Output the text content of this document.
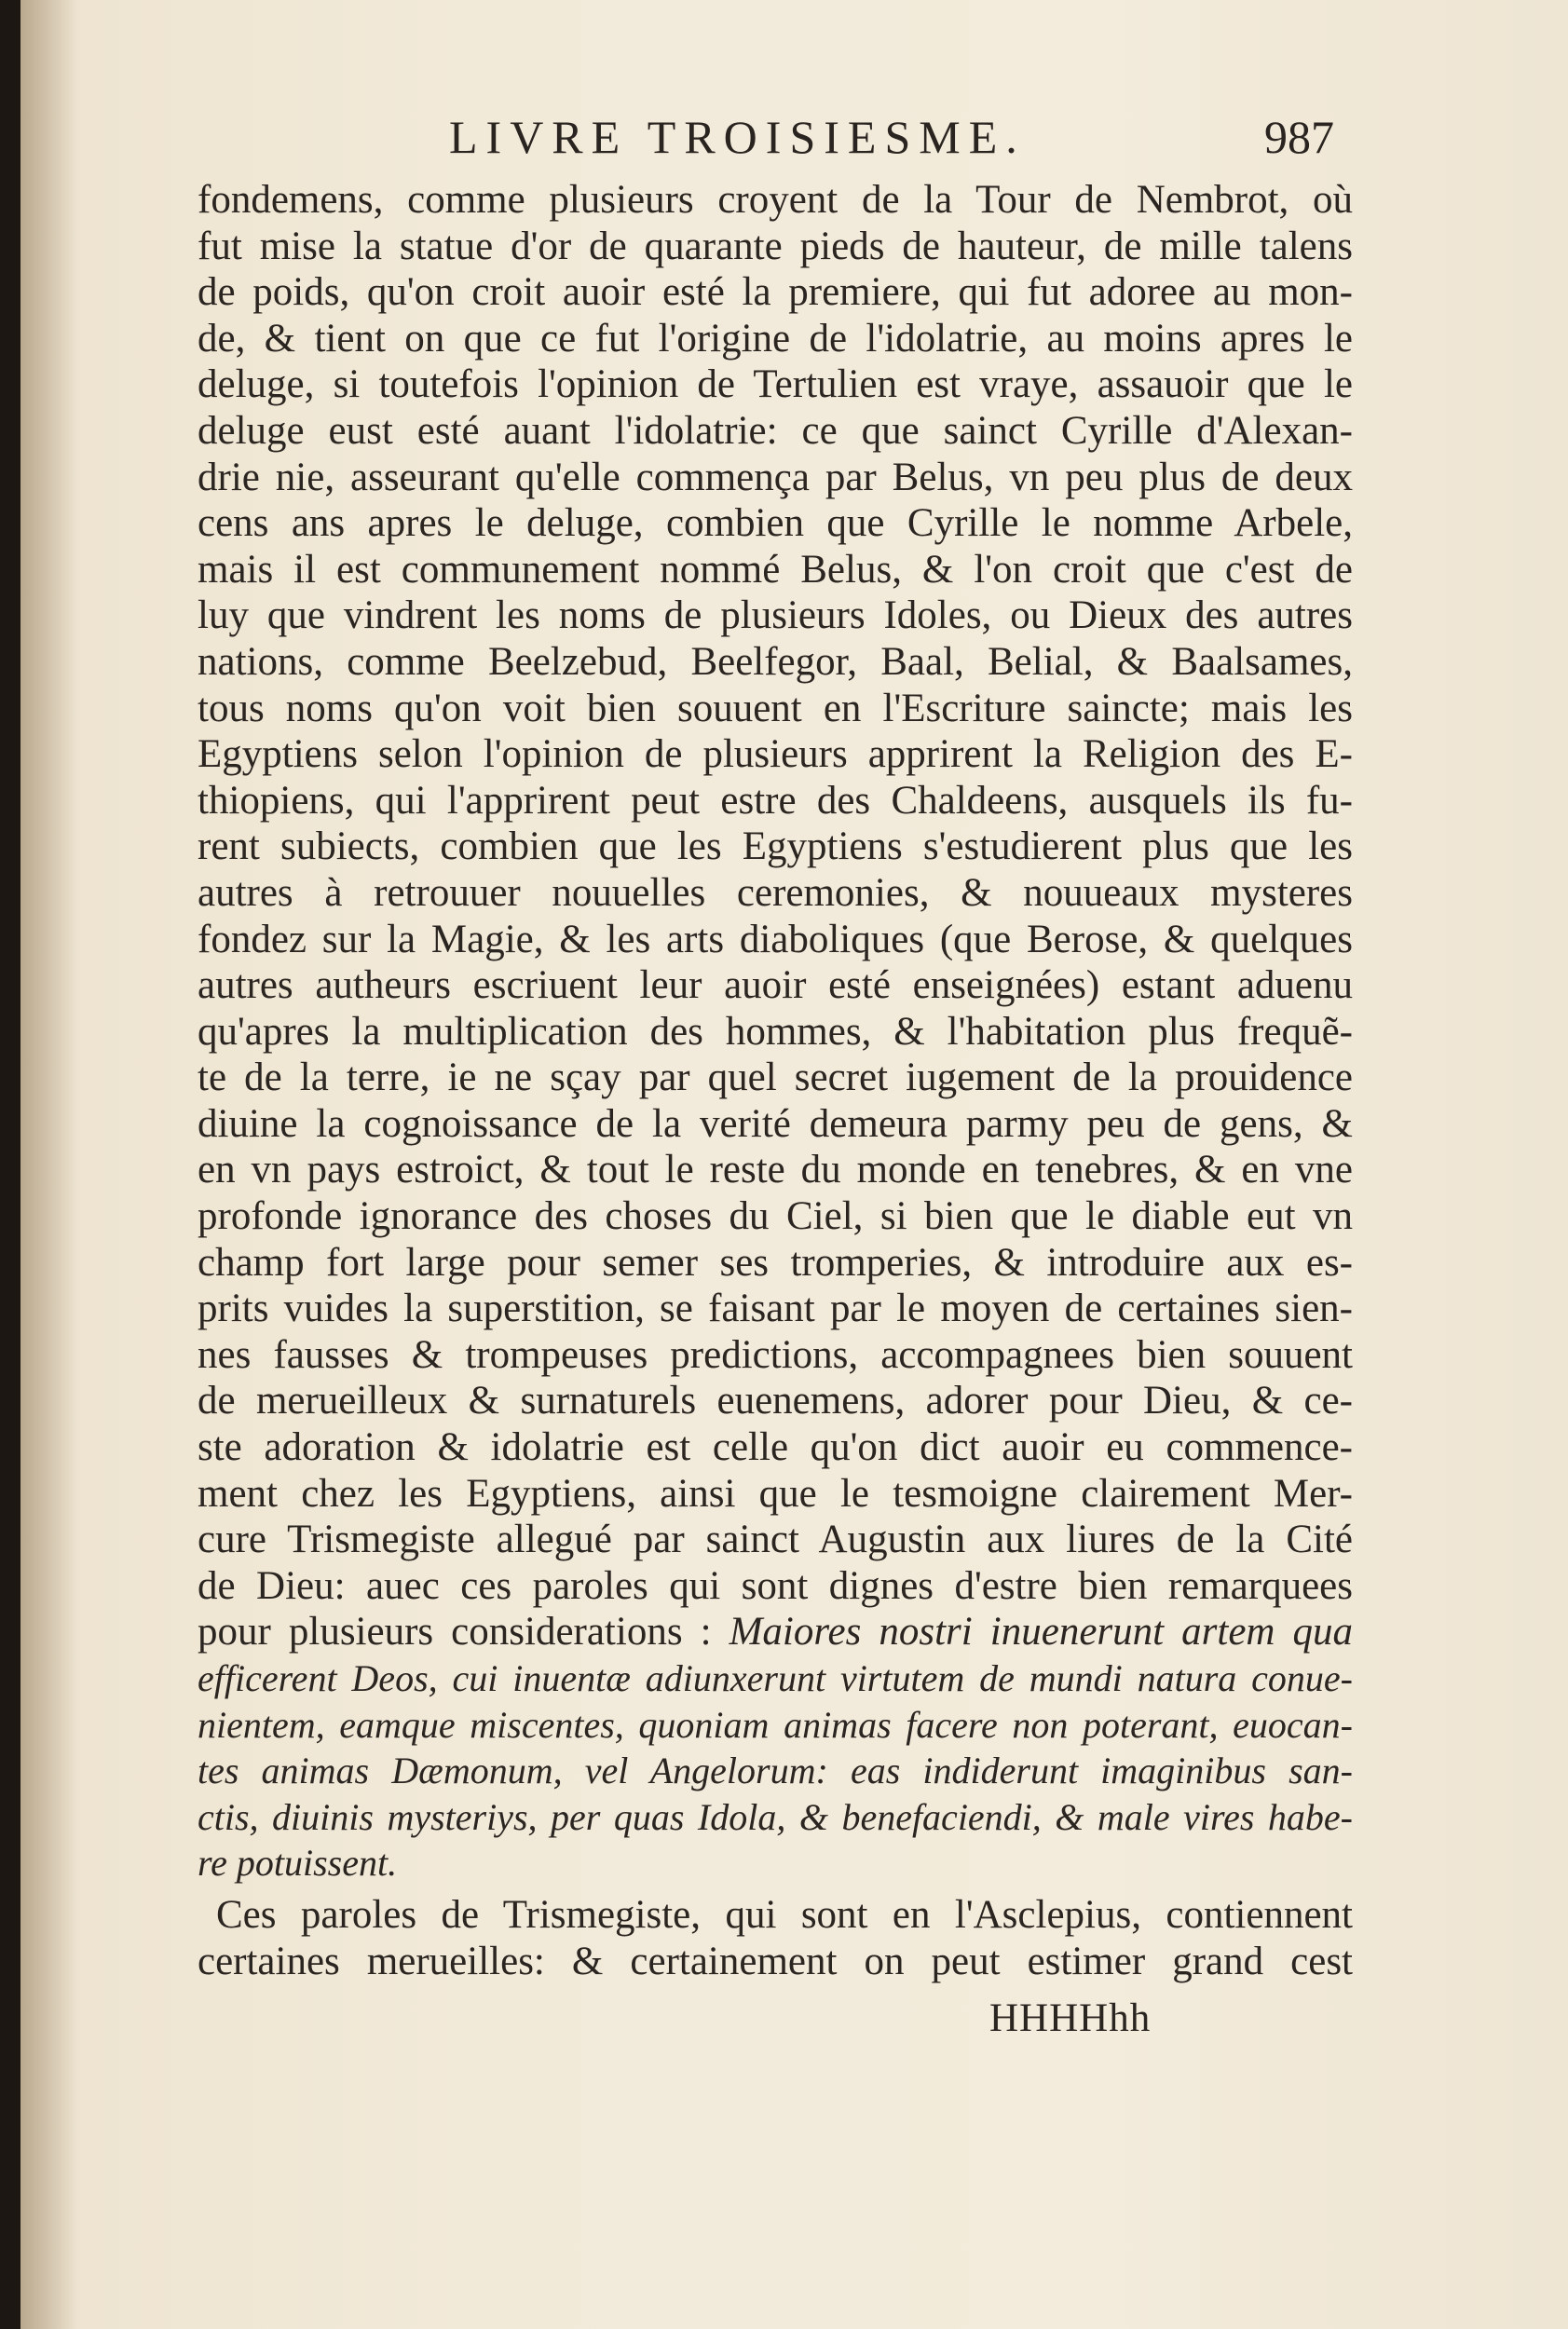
LIVRE TROISIESME.	987
fondemens, comme plusieurs croyent de la Tour de Nembrot, où
fut mise la statue d'or de quarante pieds de hauteur, de mille talens
de poids, qu'on croit auoir esté la premiere, qui fut adoree au mon-
de, & tient on que ce fut l'origine de l'idolatrie, au moins apres le
deluge, si toutefois l'opinion de Tertulien est vraye, assauoir que le
deluge eust esté auant l'idolatrie: ce que sainct Cyrille d'Alexan-
drie nie, asseurant qu'elle commença par Belus, vn peu plus de deux
cens ans apres le deluge, combien que Cyrille le nomme Arbele,
mais il est communement nommé Belus, & l'on croit que c'est de
luy que vindrent les noms de plusieurs Idoles, ou Dieux des autres
nations, comme Beelzebud, Beelfegor, Baal, Belial, & Baalsames,
tous noms qu'on voit bien souuent en l'Escriture saincte; mais les
Egyptiens selon l'opinion de plusieurs apprirent la Religion des E-
thiopiens, qui l'apprirent peut estre des Chaldeens, ausquels ils fu-
rent subiects, combien que les Egyptiens s'estudierent plus que les
autres à retrouuer nouuelles ceremonies, & nouueaux mysteres
fondez sur la Magie, & les arts diaboliques (que Berose, & quelques
autres autheurs escriuent leur auoir esté enseignées) estant aduenu
qu'apres la multiplication des hommes, & l'habitation plus frequẽ-
te de la terre, ie ne sçay par quel secret iugement de la prouidence
diuine la cognoissance de la verité demeura parmy peu de gens, &
en vn pays estroict, & tout le reste du monde en tenebres, & en vne
profonde ignorance des choses du Ciel, si bien que le diable eut vn
champ fort large pour semer ses tromperies, & introduire aux es-
prits vuides la superstition, se faisant par le moyen de certaines sien-
nes fausses & trompeuses predictions, accompagnees bien souuent
de merueilleux & surnaturels euenemens, adorer pour Dieu, & ce-
ste adoration & idolatrie est celle qu'on dict auoir eu commence-
ment chez les Egyptiens, ainsi que le tesmoigne clairement Mer-
cure Trismegiste allegué par sainct Augustin aux liures de la Cité
de Dieu: auec ces paroles qui sont dignes d'estre bien remarquees
pour plusieurs considerations : Maiores nostri inuenerunt artem qua
efficerent Deos, cui inuentæ adiunxerunt virtutem de mundi natura conue-
nientem, eamque miscentes, quoniam animas facere non poterant, euocan-
tes animas Dæmonum, vel Angelorum: eas indiderunt imaginibus san-
ctis, diuinis mysteriys, per quas Idola, & benefaciendi, & male vires habe-
re potuissent.
Ces paroles de Trismegiste, qui sont en l'Asclepius, contiennent
certaines merueilles: & certainement on peut estimer grand cest
HHHHhh
